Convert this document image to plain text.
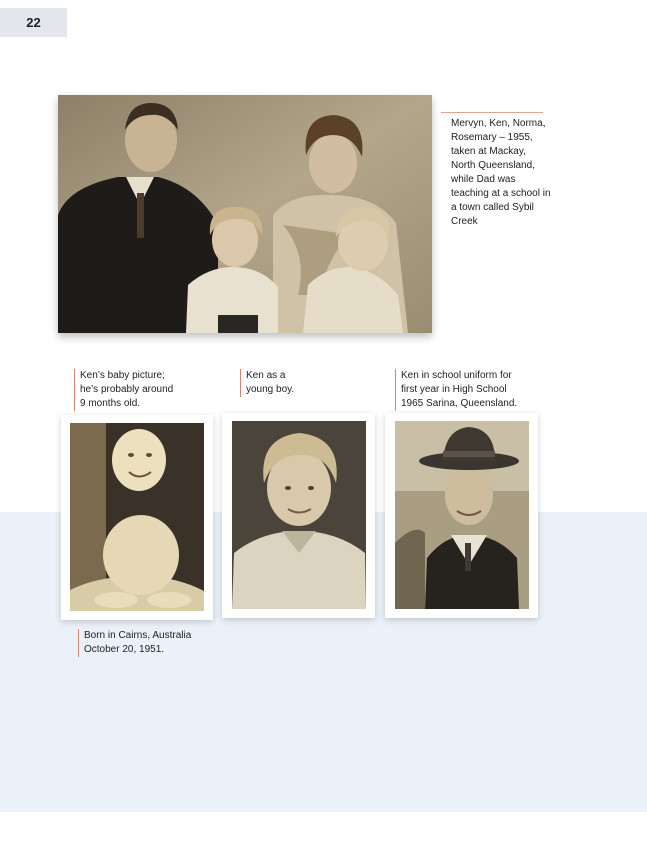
22
Mervyn, Ken, Norma, Rosemary – 1955, taken at Mackay, North Queensland, while Dad was teaching at a school in a town called Sybil Creek
Ken’s baby picture;
he’s probably around
9 months old.
Ken as a
young boy.
Ken in school uniform for
first year in High School
1965 Sarina, Queensland.
Born in Cairns, Australia
October 20, 1951.
